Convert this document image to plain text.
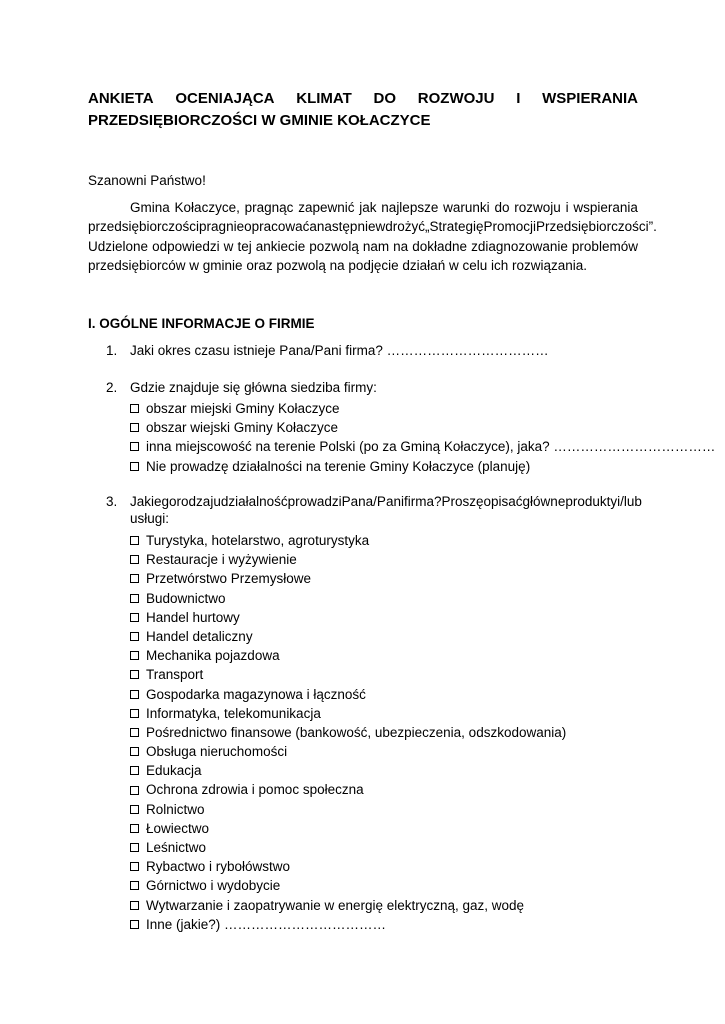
ANKIETA OCENIAJĄCA KLIMAT DO ROZWOJU I WSPIERANIA
PRZEDSIĘBIORCZOŚCI W GMINIE KOŁACZYCE
Szanowni Państwo!
Gmina Kołaczyce, pragnąc zapewnić jak najlepsze warunki do rozwoju i wspierania
przedsiębiorczości pragnie opracować a następnie wdrożyć „Strategię Promocji Przedsiębiorczości”.
Udzielone odpowiedzi w tej ankiecie pozwolą nam na dokładne zdiagnozowanie problemów
przedsiębiorców w gminie oraz pozwolą na podjęcie działań w celu ich rozwiązania.
I. OGÓLNE INFORMACJE O FIRMIE
1. Jaki okres czasu istnieje Pana/Pani firma? ………………………………
2. Gdzie znajduje się główna siedziba firmy:
obszar miejski Gminy Kołaczyce
obszar wiejski Gminy Kołaczyce
inna miejscowość na terenie Polski (po za Gminą Kołaczyce), jaka? ………………………………
Nie prowadzę działalności na terenie Gminy Kołaczyce (planuję)
3. Jakiego rodzaju działalność prowadzi Pana/Pani firma? Proszę opisać główne produkty i/lub
usługi:
Turystyka, hotelarstwo, agroturystyka
Restauracje i wyżywienie
Przetwórstwo Przemysłowe
Budownictwo
Handel hurtowy
Handel detaliczny
Mechanika pojazdowa
Transport
Gospodarka magazynowa i łączność
Informatyka, telekomunikacja
Pośrednictwo finansowe (bankowość, ubezpieczenia, odszkodowania)
Obsługa nieruchomości
Edukacja
Ochrona zdrowia i pomoc społeczna
Rolnictwo
Łowiectwo
Leśnictwo
Rybactwo i rybołówstwo
Górnictwo i wydobycie
Wytwarzanie i zaopatrywanie w energię elektryczną, gaz, wodę
Inne (jakie?) ………………………………
